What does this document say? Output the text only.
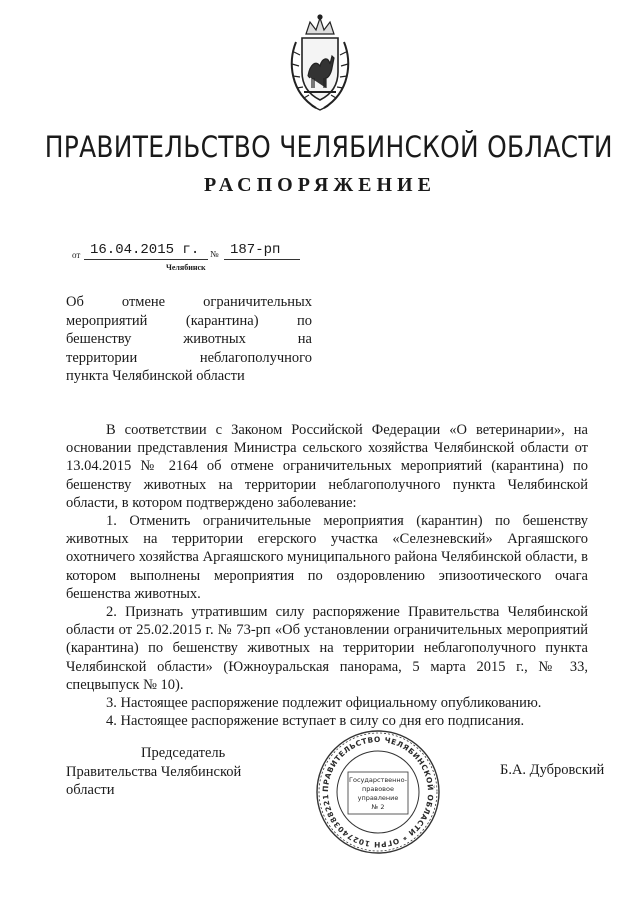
ПРАВИТЕЛЬСТВО ЧЕЛЯБИНСКОЙ ОБЛАСТИ
РАСПОРЯЖЕНИЕ
от 16.04.2015 г. № 187-рп
Челябинск
Об	отмене	ограничительных
мероприятий	(карантина)	по
бешенству	животных	на
территории	неблагополучного
пункта Челябинской области

В соответствии с Законом Российской Федерации «О ветеринарии», на основании представления Министра сельского хозяйства Челябинской области от 13.04.2015 № 2164 об отмене ограничительных мероприятий (карантина) по бешенству животных на территории неблагополучного пункта Челябинской области, в котором подтверждено заболевание:

1. Отменить ограничительные мероприятия (карантин) по бешенству животных на территории егерского участка «Селезневский» Аргаяшского охотничего хозяйства Аргаяшского муниципального района Челябинской области, в котором выполнены мероприятия по оздоровлению эпизоотического очага бешенства животных.

2. Признать утратившим силу распоряжение Правительства Челябинской области от 25.02.2015 г. № 73-рп «Об установлении ограничительных мероприятий (карантина) по бешенству животных на территории неблагополучного пункта Челябинской области» (Южноуральская панорама, 5 марта 2015 г., № 33, спецвыпуск № 10).

3. Настоящее распоряжение подлежит официальному опубликованию.

4. Настоящее распоряжение вступает в силу со дня его подписания.

Председатель
Правительства Челябинской области
Б.А. Дубровский
ПРАВИТЕЛЬСТВО ЧЕЛЯБИНСКОЙ ОБЛАСТИ * ОГРН 102740388221
Государственно-
правовое
управление
№ 2
